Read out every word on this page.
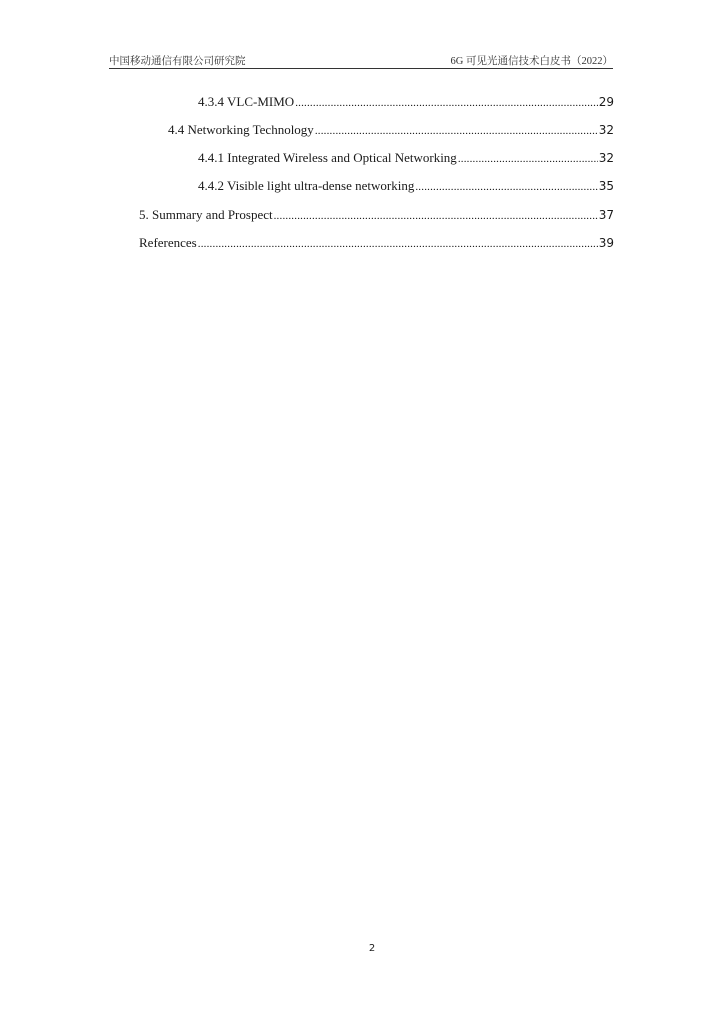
中国移动通信有限公司研究院	6G 可见光通信技术白皮书（2022）
4.3.4 VLC-MIMO .....	29
4.4 Networking Technology .....	32
4.4.1 Integrated Wireless and Optical Networking .....	32
4.4.2 Visible light ultra-dense networking .....	35
5. Summary and Prospect .....	37
References .....	39
2
